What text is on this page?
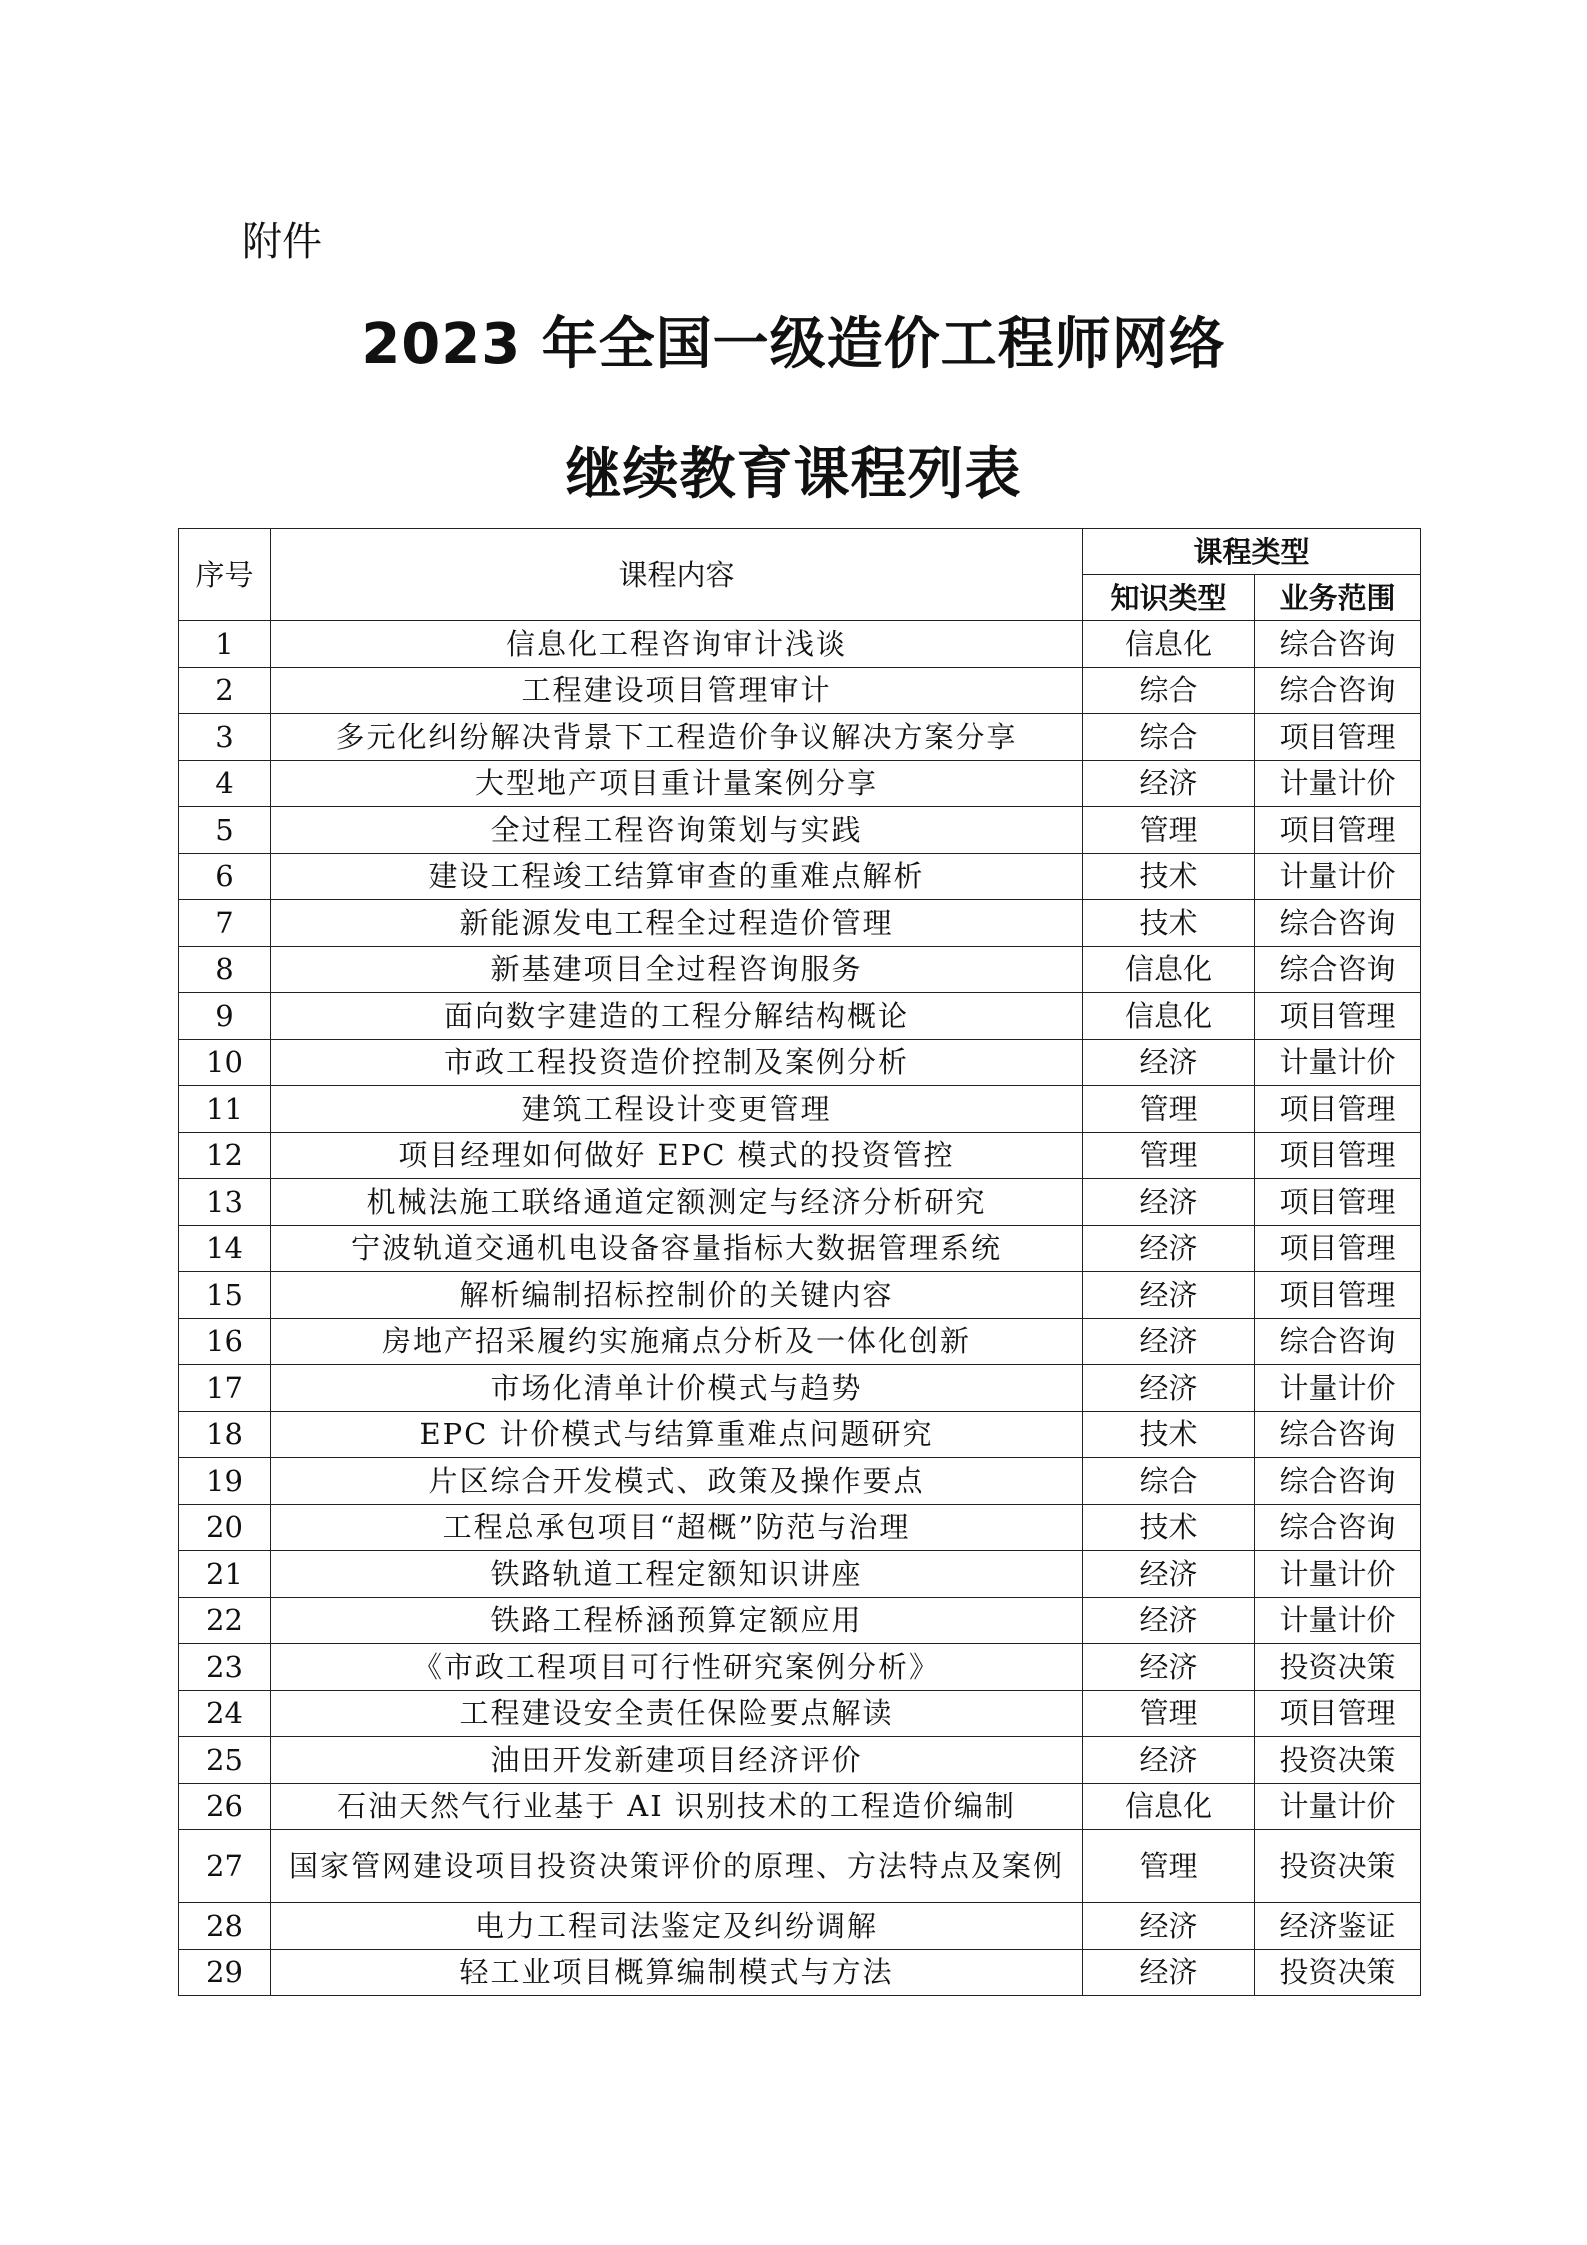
附件
2023 年全国一级造价工程师网络
继续教育课程列表
序号	课程内容	课程类型	
		知识类型	业务范围
1	信息化工程咨询审计浅谈	信息化	综合咨询
2	工程建设项目管理审计	综合	综合咨询
3	多元化纠纷解决背景下工程造价争议解决方案分享	综合	项目管理
4	大型地产项目重计量案例分享	经济	计量计价
5	全过程工程咨询策划与实践	管理	项目管理
6	建设工程竣工结算审查的重难点解析	技术	计量计价
7	新能源发电工程全过程造价管理	技术	综合咨询
8	新基建项目全过程咨询服务	信息化	综合咨询
9	面向数字建造的工程分解结构概论	信息化	项目管理
10	市政工程投资造价控制及案例分析	经济	计量计价
11	建筑工程设计变更管理	管理	项目管理
12	项目经理如何做好 EPC 模式的投资管控	管理	项目管理
13	机械法施工联络通道定额测定与经济分析研究	经济	项目管理
14	宁波轨道交通机电设备容量指标大数据管理系统	经济	项目管理
15	解析编制招标控制价的关键内容	经济	项目管理
16	房地产招采履约实施痛点分析及一体化创新	经济	综合咨询
17	市场化清单计价模式与趋势	经济	计量计价
18	EPC 计价模式与结算重难点问题研究	技术	综合咨询
19	片区综合开发模式、政策及操作要点	综合	综合咨询
20	工程总承包项目“超概”防范与治理	技术	综合咨询
21	铁路轨道工程定额知识讲座	经济	计量计价
22	铁路工程桥涵预算定额应用	经济	计量计价
23	《市政工程项目可行性研究案例分析》	经济	投资决策
24	工程建设安全责任保险要点解读	管理	项目管理
25	油田开发新建项目经济评价	经济	投资决策
26	石油天然气行业基于 AI 识别技术的工程造价编制	信息化	计量计价
27	国家管网建设项目投资决策评价的原理、方法特点及案例	管理	投资决策
28	电力工程司法鉴定及纠纷调解	经济	经济鉴证
29	轻工业项目概算编制模式与方法	经济	投资决策
